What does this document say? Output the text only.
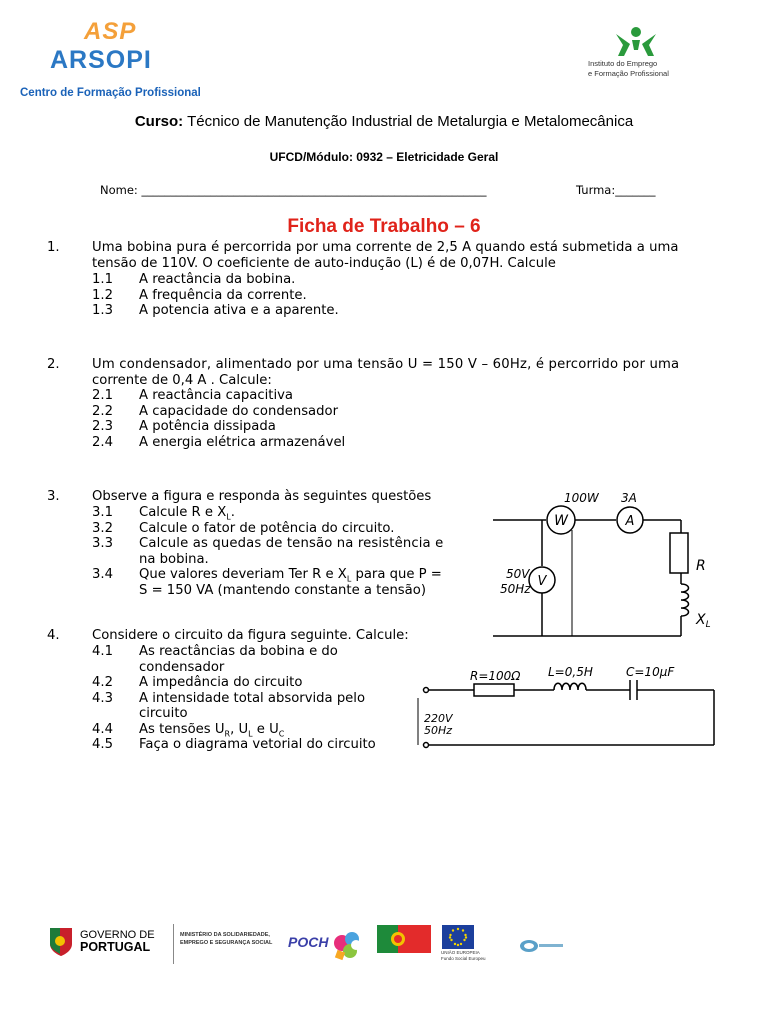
ASP
ARSOPI
Centro de Formação Profissional
Instituto do Emprego
e Formação Profissional
Curso: Técnico de Manutenção Industrial de Metalurgia e Metalomecânica
UFCD/Módulo: 0932 – Eletricidade Geral
Nome: ____________________________________________________________	Turma:_______
Ficha de Trabalho – 6
1. Uma bobina pura é percorrida por uma corrente de 2,5 A quando está submetida a uma
tensão de 110V. O coeficiente de auto-indução (L) é de 0,07H. Calcule
1.1 A reactância da bobina.
1.2 A frequência da corrente.
1.3 A potencia ativa e a aparente.
2. Um condensador, alimentado por uma tensão U = 150 V – 60Hz, é percorrido por uma
corrente de 0,4 A . Calcule:
2.1 A reactância capacitiva
2.2 A capacidade do condensador
2.3 A potência dissipada
2.4 A energia elétrica armazenável
3. Observe a figura e responda às seguintes questões
3.1 Calcule R e $X_L$.
3.2 Calcule o fator de potência do circuito.
3.3 Calcule as quedas de tensão na resistência e
na bobina.
3.4 Que valores deveriam Ter R e $X_L$ para que P =
S = 150 VA (mantendo constante a tensão)
W	A
V
100W 3A
50V
50Hz
R
$X_L$
4. Considere o circuito da figura seguinte. Calcule:
4.1 As reactâncias da bobina e do
condensador
4.2 A impedância do circuito
4.3 A intensidade total absorvida pelo
circuito
4.4 As tensões $U_R$, $U_L$ e $U_C$
4.5 Faça o diagrama vetorial do circuito
R=100Ω L=0,5H	C=10μF
220V
50Hz
GOVERNO DE
PORTUGAL
MINISTÉRIO DA SOLIDARIEDADE,
EMPREGO E SEGURANÇA SOCIAL POCH
UNIÃO EUROPEIA
Fundo Social Europeu
